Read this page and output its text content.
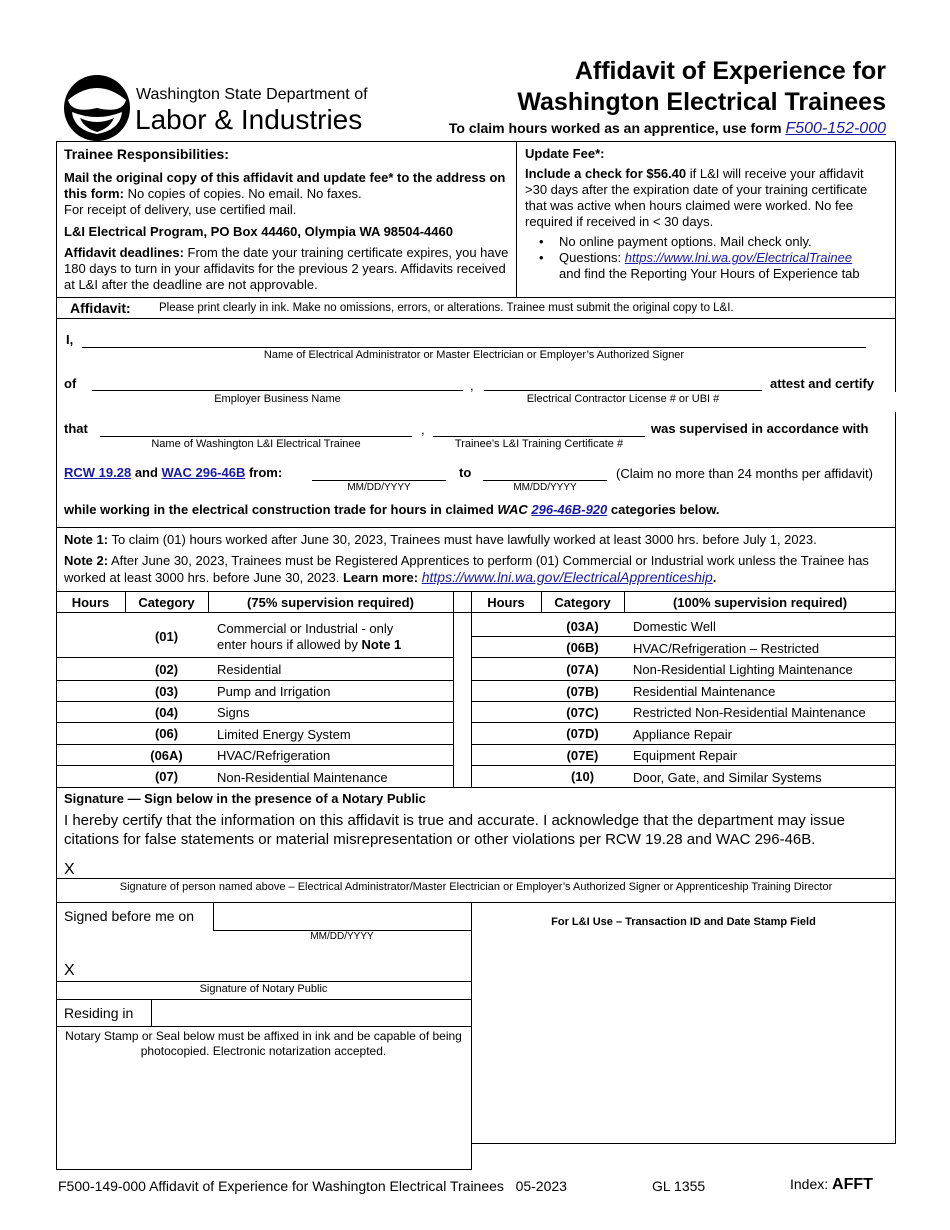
Washington State Department of
Labor & Industries
Affidavit of Experience for
Washington Electrical Trainees
To claim hours worked as an apprentice, use form F500-152-000
Trainee Responsibilities:
Mail the original copy of this affidavit and update fee* to the address on this form: No copies of copies. No email. No faxes.
For receipt of delivery, use certified mail.
L&I Electrical Program, PO Box 44460, Olympia WA 98504-4460
Affidavit deadlines: From the date your training certificate expires, you have 180 days to turn in your affidavits for the previous 2 years. Affidavits received at L&I after the deadline are not approvable.
Update Fee*:
Include a check for $56.40 if L&I will receive your affidavit >30 days after the expiration date of your training certificate that was active when hours claimed were worked. No fee required if received in < 30 days.
• No online payment options. Mail check only.
• Questions: https://www.lni.wa.gov/ElectricalTrainee
and find the Reporting Your Hours of Experience tab
Affidavit: Please print clearly in ink. Make no omissions, errors, or alterations. Trainee must submit the original copy to L&I.
I,
Name of Electrical Administrator or Master Electrician or Employer’s Authorized Signer
of	,	attest and certify
Employer Business Name	Electrical Contractor License # or UBI #
that	,	was supervised in accordance with
Name of Washington L&I Electrical Trainee	Trainee’s L&I Training Certificate #
RCW 19.28 and WAC 296-46B from:
MM/DD/YYYY
to
MM/DD/YYYY
(Claim no more than 24 months per affidavit)
while working in the electrical construction trade for hours in claimed WAC 296-46B-920 categories below.
Note 1: To claim (01) hours worked after June 30, 2023, Trainees must have lawfully worked at least 3000 hrs. before July 1, 2023.
Note 2: After June 30, 2023, Trainees must be Registered Apprentices to perform (01) Commercial or Industrial work unless the Trainee has worked at least 3000 hrs. before June 30, 2023. Learn more: https://www.lni.wa.gov/ElectricalApprenticeship.
Hours	Category	(75% supervision required)
(01)
Commercial or Industrial - only
enter hours if allowed by Note 1
(02)	Residential
(03)	Pump and Irrigation
(04)	Signs
(06)	Limited Energy System
(06A)	HVAC/Refrigeration
(07)	Non-Residential Maintenance
Hours	Category	(100% supervision required)
(03A)	Domestic Well
(06B)	HVAC/Refrigeration – Restricted
(07A)	Non-Residential Lighting Maintenance
(07B)	Residential Maintenance
(07C)	Restricted Non-Residential Maintenance
(07D)	Appliance Repair
(07E)	Equipment Repair
(10)	Door, Gate, and Similar Systems
Signature — Sign below in the presence of a Notary Public
I hereby certify that the information on this affidavit is true and accurate. I acknowledge that the department may issue citations for false statements or material misrepresentation or other violations per RCW 19.28 and WAC 296-46B.
X
Signature of person named above – Electrical Administrator/Master Electrician or Employer’s Authorized Signer or Apprenticeship Training Director
Signed before me on
MM/DD/YYYY
X
Signature of Notary Public
Residing in
Notary Stamp or Seal below must be affixed in ink and be capable of being photocopied. Electronic notarization accepted.
For L&I Use – Transaction ID and Date Stamp Field
F500-149-000 Affidavit of Experience for Washington Electrical Trainees   05-2023	GL 1355	Index: AFFT
